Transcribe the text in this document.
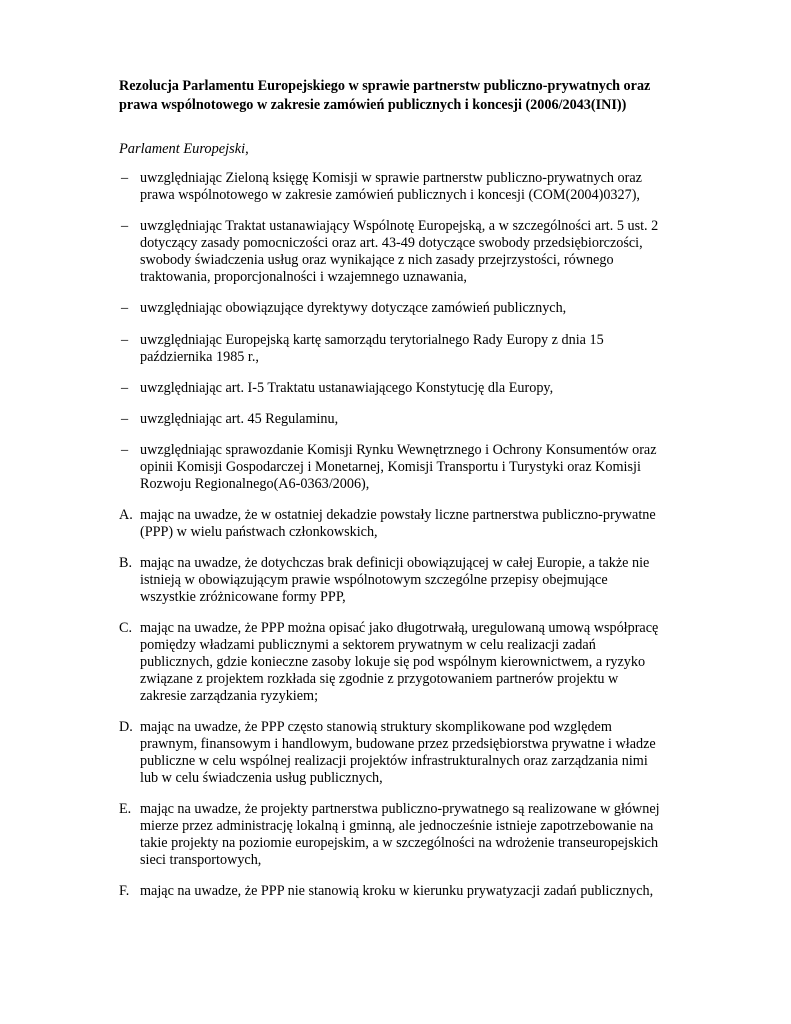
Rezolucja Parlamentu Europejskiego w sprawie partnerstw publiczno-prywatnych oraz
prawa wspólnotowego w zakresie zamówień publicznych i koncesji (2006/2043(INI))
Parlament Europejski,
– uwzględniając Zieloną księgę Komisji w sprawie partnerstw publiczno-prywatnych oraz
prawa wspólnotowego w zakresie zamówień publicznych i koncesji (COM(2004)0327),
– uwzględniając Traktat ustanawiający Wspólnotę Europejską, a w szczególności art. 5 ust. 2
dotyczący zasady pomocniczości oraz art. 43-49 dotyczące swobody przedsiębiorczości,
swobody świadczenia usług oraz wynikające z nich zasady przejrzystości, równego
traktowania, proporcjonalności i wzajemnego uznawania,
– uwzględniając obowiązujące dyrektywy dotyczące zamówień publicznych,
– uwzględniając Europejską kartę samorządu terytorialnego Rady Europy z dnia 15
października 1985 r.,
– uwzględniając art. I-5 Traktatu ustanawiającego Konstytucję dla Europy,
– uwzględniając art. 45 Regulaminu,
– uwzględniając sprawozdanie Komisji Rynku Wewnętrznego i Ochrony Konsumentów oraz
opinii Komisji Gospodarczej i Monetarnej, Komisji Transportu i Turystyki oraz Komisji
Rozwoju Regionalnego(A6-0363/2006),
A. mając na uwadze, że w ostatniej dekadzie powstały liczne partnerstwa publiczno-prywatne
(PPP) w wielu państwach członkowskich,
B. mając na uwadze, że dotychczas brak definicji obowiązującej w całej Europie, a także nie
istnieją w obowiązującym prawie wspólnotowym szczególne przepisy obejmujące
wszystkie zróżnicowane formy PPP,
C. mając na uwadze, że PPP można opisać jako długotrwałą, uregulowaną umową współpracę
pomiędzy władzami publicznymi a sektorem prywatnym w celu realizacji zadań
publicznych, gdzie konieczne zasoby lokuje się pod wspólnym kierownictwem, a ryzyko
związane z projektem rozkłada się zgodnie z przygotowaniem partnerów projektu w
zakresie zarządzania ryzykiem;
D. mając na uwadze, że PPP często stanowią struktury skomplikowane pod względem
prawnym, finansowym i handlowym, budowane przez przedsiębiorstwa prywatne i władze
publiczne w celu wspólnej realizacji projektów infrastrukturalnych oraz zarządzania nimi
lub w celu świadczenia usług publicznych,
E. mając na uwadze, że projekty partnerstwa publiczno-prywatnego są realizowane w głównej
mierze przez administrację lokalną i gminną, ale jednocześnie istnieje zapotrzebowanie na
takie projekty na poziomie europejskim, a w szczególności na wdrożenie transeuropejskich
sieci transportowych,
F. mając na uwadze, że PPP nie stanowią kroku w kierunku prywatyzacji zadań publicznych,
